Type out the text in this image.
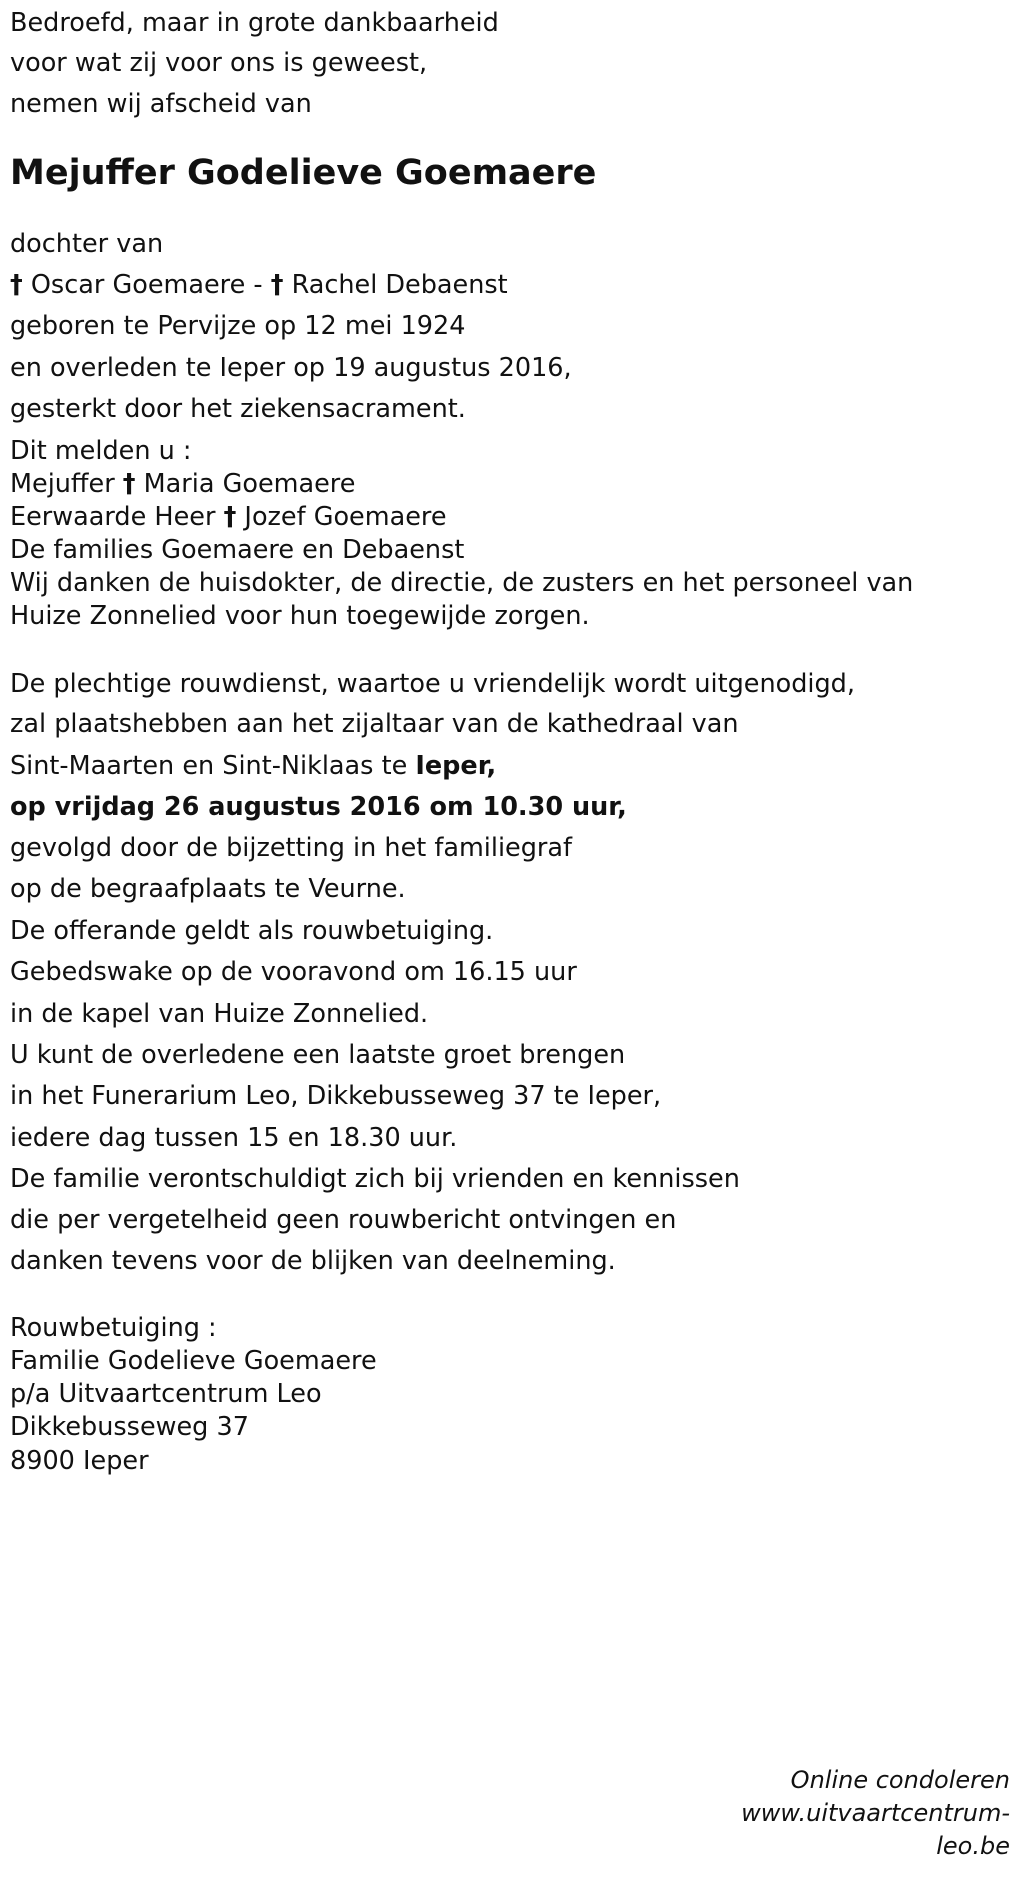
Bedroefd, maar in grote dankbaarheid

voor wat zij voor ons is geweest,

nemen wij afscheid van

Mejuffer Godelieve Goemaere

dochter van

† Oscar Goemaere - † Rachel Debaenst

geboren te Pervijze op 12 mei 1924

en overleden te Ieper op 19 augustus 2016,

gesterkt door het ziekensacrament.

Dit melden u :

Mejuffer † Maria Goemaere

Eerwaarde Heer † Jozef Goemaere

De families Goemaere en Debaenst

Wij danken de huisdokter, de directie, de zusters en het personeel van

Huize Zonnelied voor hun toegewijde zorgen.

De plechtige rouwdienst, waartoe u vriendelijk wordt uitgenodigd,

zal plaatshebben aan het zijaltaar van de kathedraal van

Sint-Maarten en Sint-Niklaas te Ieper,

op vrijdag 26 augustus 2016 om 10.30 uur,

gevolgd door de bijzetting in het familiegraf

op de begraafplaats te Veurne.

De offerande geldt als rouwbetuiging.

Gebedswake op de vooravond om 16.15 uur

in de kapel van Huize Zonnelied.

U kunt de overledene een laatste groet brengen

in het Funerarium Leo, Dikkebusseweg 37 te Ieper,

iedere dag tussen 15 en 18.30 uur.

De familie verontschuldigt zich bij vrienden en kennissen

die per vergetelheid geen rouwbericht ontvingen en

danken tevens voor de blijken van deelneming.

Rouwbetuiging :

Familie Godelieve Goemaere

p/a Uitvaartcentrum Leo

Dikkebusseweg 37

8900 Ieper

Online condoleren
www.uitvaartcentrum-
leo.be
